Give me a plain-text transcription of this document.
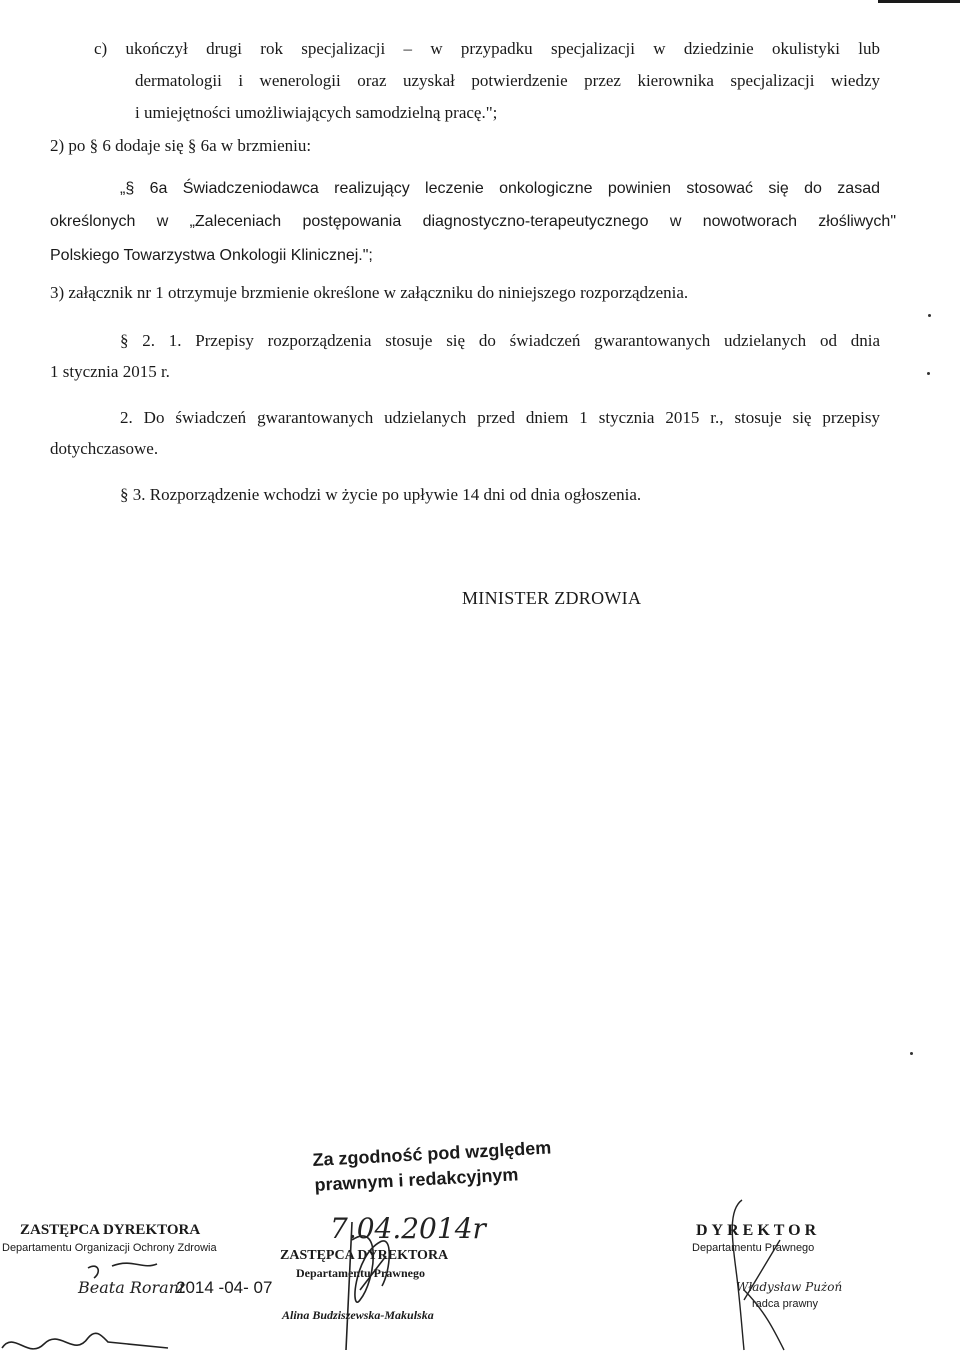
c) ukończył drugi rok specjalizacji – w przypadku specjalizacji w dziedzinie okulistyki lub
dermatologii i wenerologii oraz uzyskał potwierdzenie przez kierownika specjalizacji wiedzy
i umiejętności umożliwiających samodzielną pracę.";
2) po § 6 dodaje się § 6a w brzmieniu:
„§ 6a Świadczeniodawca realizujący leczenie onkologiczne powinien stosować się do zasad
określonych w „Zaleceniach postępowania diagnostyczno-terapeutycznego w nowotworach złośliwych"
Polskiego Towarzystwa Onkologii Klinicznej.";
3) załącznik nr 1 otrzymuje brzmienie określone w załączniku do niniejszego rozporządzenia.
§ 2. 1. Przepisy rozporządzenia stosuje się do świadczeń gwarantowanych udzielanych od dnia
1 stycznia 2015 r.
2. Do świadczeń gwarantowanych udzielanych przed dniem 1 stycznia 2015 r., stosuje się przepisy
dotychczasowe.
§ 3. Rozporządzenie wchodzi w życie po upływie 14 dni od dnia ogłoszenia.
MINISTER ZDROWIA
Za zgodność pod względem
prawnym i redakcyjnym
7.04.2014r
ZASTĘPCA DYREKTORA
Departamentu Organizacji Ochrony Zdrowia
Beata Rorant
2014 -04- 07
ZASTĘPCA DYREKTORA
Departamentu Prawnego
Alina Budziszewska-Makulska
DYREKTOR
Departamentu Prawnego
Władysław Pużoń
radca prawny
